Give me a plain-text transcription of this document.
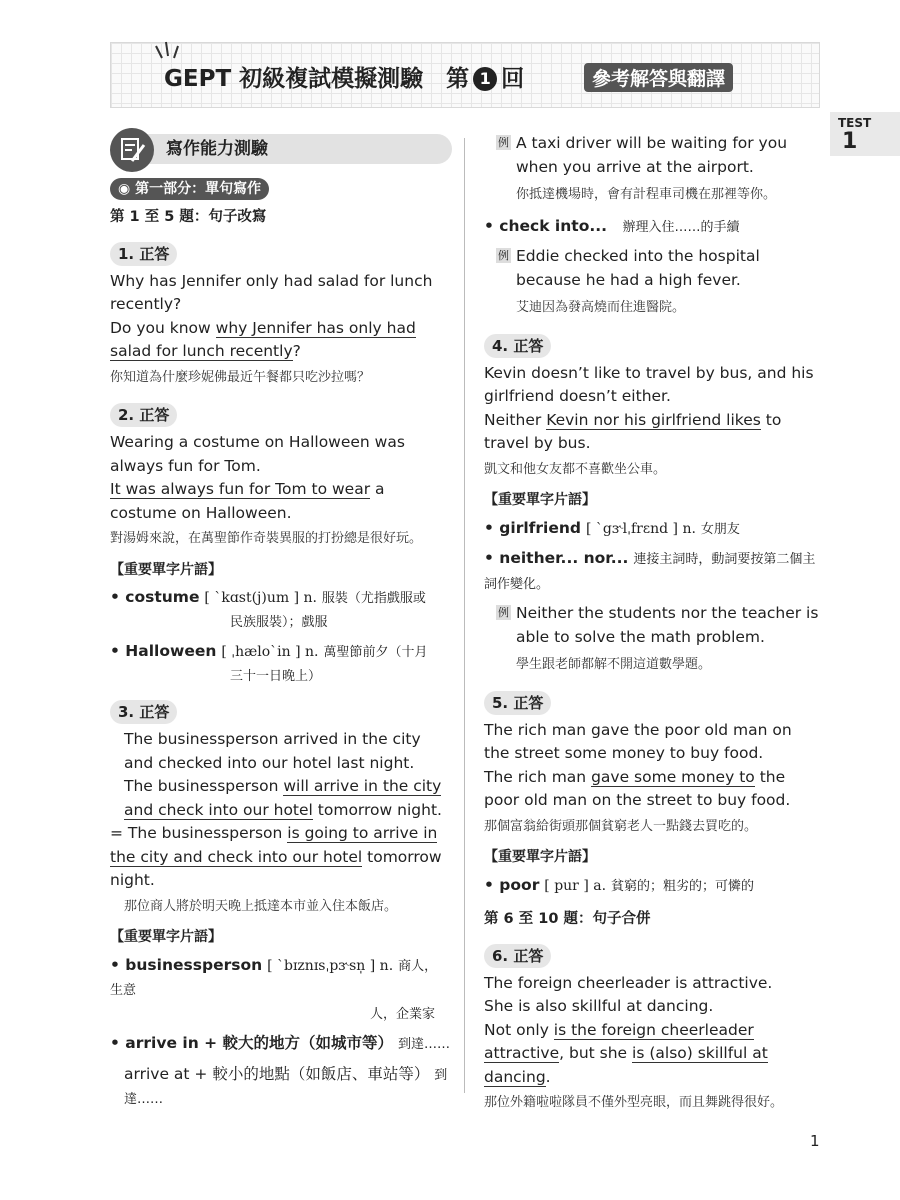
GEPT 初級複試模擬測驗　第 1 回	參考解答與翻譯
TEST
1
寫作能力測驗
◉ 第一部分：單句寫作
第 1 至 5 題：句子改寫
1. 正答

Why has Jennifer only had salad for lunch recently?

Do you know why Jennifer has only had salad for lunch recently?

你知道為什麼珍妮佛最近午餐都只吃沙拉嗎？

2. 正答

Wearing a costume on Halloween was always fun for Tom.

It was always fun for Tom to wear a costume on Halloween.

對湯姆來說，在萬聖節作奇裝異服的打扮總是很好玩。

【重要單字片語】
• costume [ ˋkɑst(j)um ] n. 服裝（尤指戲服或
民族服裝）；戲服
• Halloween [ ˌhæloˋin ] n. 萬聖節前夕（十月
三十一日晚上）
3. 正答

The businessperson arrived in the city and checked into our hotel last night.

The businessperson will arrive in the city and check into our hotel tomorrow night.

= The businessperson is going to arrive in the city and check into our hotel tomorrow night.

那位商人將於明天晚上抵達本市並入住本飯店。

【重要單字片語】
• businessperson [ ˋbɪznɪsˌpɝsn̩ ] n. 商人，生意
人，企業家
• arrive in + 較大的地方（如城市等） 到達……
arrive at + 較小的地點（如飯店、車站等） 到達……
例 A taxi driver will be waiting for you when you arrive at the airport.

你抵達機場時，會有計程車司機在那裡等你。

• check into...　 辦理入住……的手續
例 Eddie checked into the hospital because he had a high fever.

艾迪因為發高燒而住進醫院。

4. 正答

Kevin doesn’t like to travel by bus, and his girlfriend doesn’t either.

Neither Kevin nor his girlfriend likes to travel by bus.

凱文和他女友都不喜歡坐公車。

【重要單字片語】
• girlfriend [ ˋgɝlˌfrɛnd ] n. 女朋友
• neither... nor... 連接主詞時，動詞要按第二個主詞作變化。
例 Neither the students nor the teacher is able to solve the math problem.

學生跟老師都解不開這道數學題。

5. 正答

The rich man gave the poor old man on the street some money to buy food.

The rich man gave some money to the poor old man on the street to buy food.

那個富翁給街頭那個貧窮老人一點錢去買吃的。

【重要單字片語】
• poor [ pur ] a. 貧窮的；粗劣的；可憐的
第 6 至 10 題：句子合併
6. 正答

The foreign cheerleader is attractive.

She is also skillful at dancing.

Not only is the foreign cheerleader attractive, but she is (also) skillful at dancing.

那位外籍啦啦隊員不僅外型亮眼，而且舞跳得很好。

1
